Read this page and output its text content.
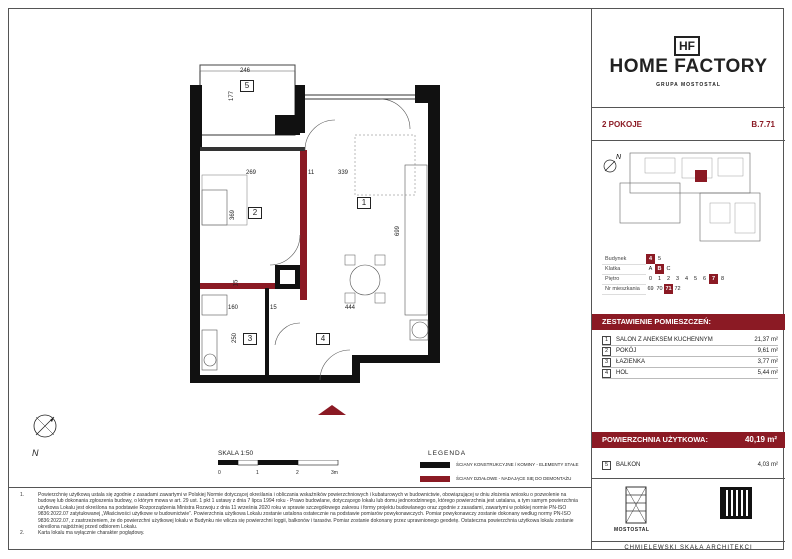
5
2
1
3	4
246
177
269	11	339
369
699
15
160	15	444
250
N	SKALA 1:50
0	1	2	3m
LEGENDA
ŚCIANY KONSTRUKCYJNE / KOMINY - ELEMENTY STAŁE
ŚCIANY DZIAŁOWE - NADAJĄCE SIĘ DO DEMONTAŻU
1.	Powierzchnię użytkową ustala się zgodnie z zasadami zawartymi w Polskiej Normie dotyczącej określania i obliczania wskaźników powierzchniowych i kubaturowych w budownictwie, obowiązującej w dniu złożenia wniosku o pozwolenie na budowę lub dokonania zgłoszenia budowy, o którym mowa w art. 29 ust. 1 pkt 1 ustawy z dnia 7 lipca 1994 roku - Prawo budowlane, dotyczącego lokalu lub domu jednorodzinnego, którego powierzchnia jest ustalana, a tym samym powierzchnia użytkowa Lokalu jest określona na podstawie Rozporządzenia Ministra Rozwoju z dnia 11 września 2020 roku w sprawie szczegółowego zakresu i formy projektu budowlanego oraz zgodnie z zasadami, zawartymi w polskiej normie PN-ISO 9836:2022.07 zatytułowanej „Właściwości użytkowe w budownictwie”. Powierzchnia użytkowa Lokalu zostanie ustalona ostatecznie na podstawie pomiarów powykonawczych. Pomiar powykonawczy zostanie dokonany według normy PN-ISO 9836:2022.07, z zastrzeżeniem, że do powierzchni użytkowej lokalu w Budynku nie wlicza się powierzchni loggii, balkonów i tarasów. Pomiar zostanie dokonany przez uprawnionego geodetę. Ostateczna powierzchnia użytkowa lokalu zostanie określona najpóźniej przed odbiorem Lokalu.
2.	Karta lokalu ma wyłącznie charakter poglądowy.
HF
HOME FACTORY
GRUPA MOSTOSTAL
2 POKOJE	B.7.71
N
Budynek	4	5							
Klatka	A	B	C						
Piętro	0	1	2	3	4	5	6	7	8
Nr mieszkania	69	70	71	72					
ZESTAWIENIE POMIESZCZEŃ:
1	SALON Z ANEKSEM KUCHENNYM	21,37 m²
2	POKÓJ	9,61 m²
3	ŁAZIENKA	3,77 m²
4	HOL	5,44 m²
POWIERZCHNIA UŻYTKOWA:	40,19 m²
5	BALKON	4,03 m²
MOSTOSTAL
CHMIELEWSKI SKAŁA ARCHITEKCI
